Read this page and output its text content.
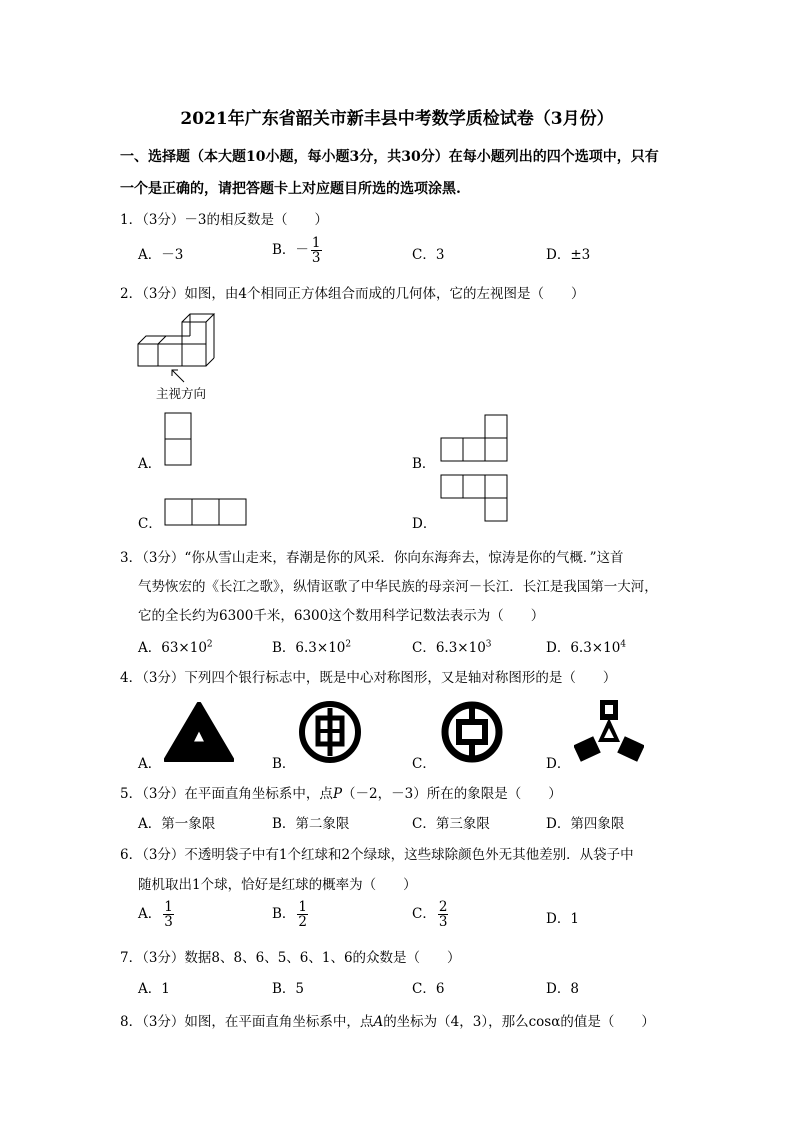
2021年广东省韶关市新丰县中考数学质检试卷（3月份）
一、选择题（本大题10小题，每小题3分，共30分）在每小题列出的四个选项中，只有
一个是正确的，请把答题卡上对应题目所选的选项涂黑.
1．（3分）－3的相反数是（　　）
A．－3	B．－ $\frac{1}{3}$	C．3	D．±3
2．（3分）如图，由4个相同正方体组合而成的几何体，它的左视图是（　　）
主视方向
A．	B．
C．	D．
3．（3分）“你从雪山走来，春潮是你的风采．你向东海奔去，惊涛是你的气概．”这首
气势恢宏的《长江之歌》，纵情讴歌了中华民族的母亲河－长江．长江是我国第一大河，
它的全长约为6300千米，6300这个数用科学记数法表示为（　　）
A．$63\times 10^2$	B．$6.3\times 10^2$	C．$6.3\times 10^3$	D．$6.3\times 10^4$
4．（3分）下列四个银行标志中，既是中心对称图形，又是轴对称图形的是（　　）
A．	B．	C．	D．
5．（3分）在平面直角坐标系中，点P（－2，－3）所在的象限是（　　）
A．第一象限	B．第二象限	C．第三象限	D．第四象限
6．（3分）不透明袋子中有1个红球和2个绿球，这些球除颜色外无其他差别．从袋子中
随机取出1个球，恰好是红球的概率为（　　）
A． $\frac{1}{3}$	B． $\frac{1}{2}$	C． $\frac{2}{3}$	D．1
7．（3分）数据8、8、6、5、6、1、6的众数是（　　）
A．1	B．5	C．6	D．8
8．（3分）如图，在平面直角坐标系中，点A的坐标为（4，3），那么cosα的值是（　　）
